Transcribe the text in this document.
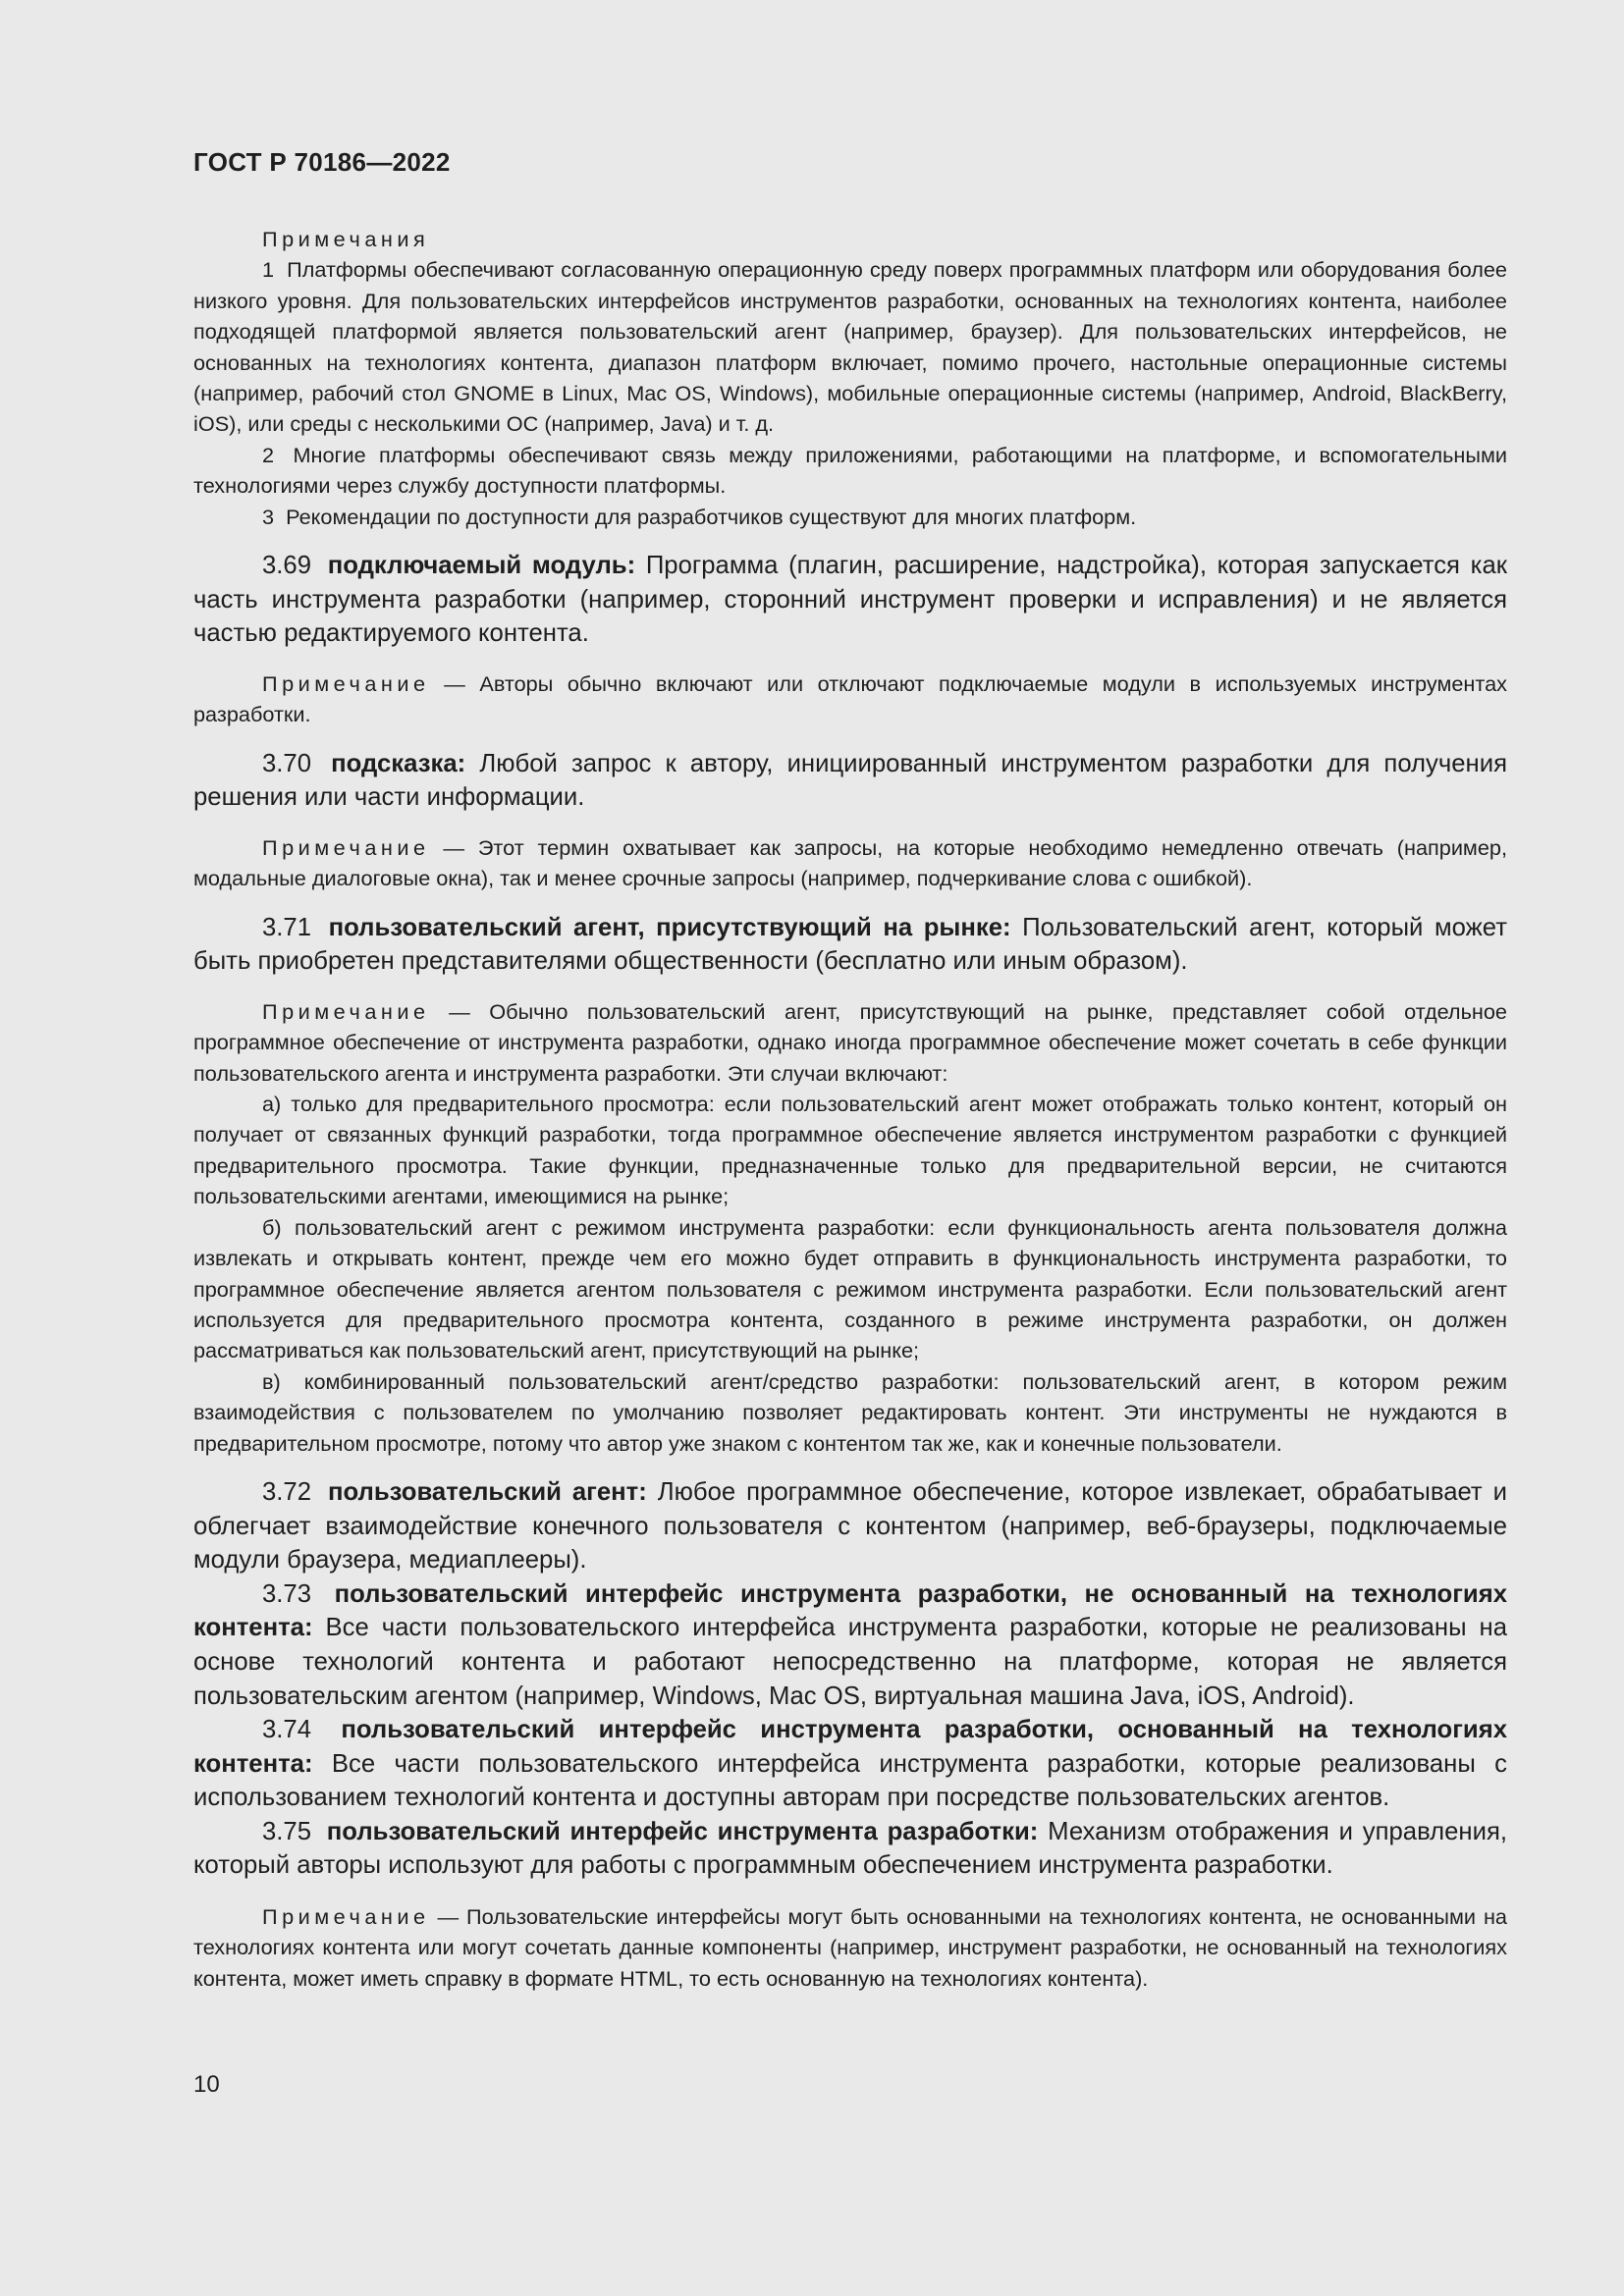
ГОСТ Р 70186—2022

Примечания

1 Платформы обеспечивают согласованную операционную среду поверх программных платформ или оборудования более низкого уровня. Для пользовательских интерфейсов инструментов разработки, основанных на технологиях контента, наиболее подходящей платформой является пользовательский агент (например, браузер). Для пользовательских интерфейсов, не основанных на технологиях контента, диапазон платформ включает, помимо прочего, настольные операционные системы (например, рабочий стол GNOME в Linux, Mac OS, Windows), мобильные операционные системы (например, Android, BlackBerry, iOS), или среды с несколькими ОС (например, Java) и т. д.

2 Многие платформы обеспечивают связь между приложениями, работающими на платформе, и вспомогательными технологиями через службу доступности платформы.

3 Рекомендации по доступности для разработчиков существуют для многих платформ.

3.69 подключаемый модуль: Программа (плагин, расширение, надстройка), которая запускается как часть инструмента разработки (например, сторонний инструмент проверки и исправления) и не является частью редактируемого контента.

Примечание — Авторы обычно включают или отключают подключаемые модули в используемых инструментах разработки.

3.70 подсказка: Любой запрос к автору, инициированный инструментом разработки для получения решения или части информации.

Примечание — Этот термин охватывает как запросы, на которые необходимо немедленно отвечать (например, модальные диалоговые окна), так и менее срочные запросы (например, подчеркивание слова с ошибкой).

3.71 пользовательский агент, присутствующий на рынке: Пользовательский агент, который может быть приобретен представителями общественности (бесплатно или иным образом).

Примечание — Обычно пользовательский агент, присутствующий на рынке, представляет собой отдельное программное обеспечение от инструмента разработки, однако иногда программное обеспечение может сочетать в себе функции пользовательского агента и инструмента разработки. Эти случаи включают:

а) только для предварительного просмотра: если пользовательский агент может отображать только контент, который он получает от связанных функций разработки, тогда программное обеспечение является инструментом разработки с функцией предварительного просмотра. Такие функции, предназначенные только для предварительной версии, не считаются пользовательскими агентами, имеющимися на рынке;

б) пользовательский агент с режимом инструмента разработки: если функциональность агента пользователя должна извлекать и открывать контент, прежде чем его можно будет отправить в функциональность инструмента разработки, то программное обеспечение является агентом пользователя с режимом инструмента разработки. Если пользовательский агент используется для предварительного просмотра контента, созданного в режиме инструмента разработки, он должен рассматриваться как пользовательский агент, присутствующий на рынке;

в) комбинированный пользовательский агент/средство разработки: пользовательский агент, в котором режим взаимодействия с пользователем по умолчанию позволяет редактировать контент. Эти инструменты не нуждаются в предварительном просмотре, потому что автор уже знаком с контентом так же, как и конечные пользователи.

3.72 пользовательский агент: Любое программное обеспечение, которое извлекает, обрабатывает и облегчает взаимодействие конечного пользователя с контентом (например, веб-браузеры, подключаемые модули браузера, медиаплееры).

3.73 пользовательский интерфейс инструмента разработки, не основанный на технологиях контента: Все части пользовательского интерфейса инструмента разработки, которые не реализованы на основе технологий контента и работают непосредственно на платформе, которая не является пользовательским агентом (например, Windows, Mac OS, виртуальная машина Java, iOS, Android).

3.74 пользовательский интерфейс инструмента разработки, основанный на технологиях контента: Все части пользовательского интерфейса инструмента разработки, которые реализованы с использованием технологий контента и доступны авторам при посредстве пользовательских агентов.

3.75 пользовательский интерфейс инструмента разработки: Механизм отображения и управления, который авторы используют для работы с программным обеспечением инструмента разработки.

Примечание — Пользовательские интерфейсы могут быть основанными на технологиях контента, не основанными на технологиях контента или могут сочетать данные компоненты (например, инструмент разработки, не основанный на технологиях контента, может иметь справку в формате HTML, то есть основанную на технологиях контента).

10
